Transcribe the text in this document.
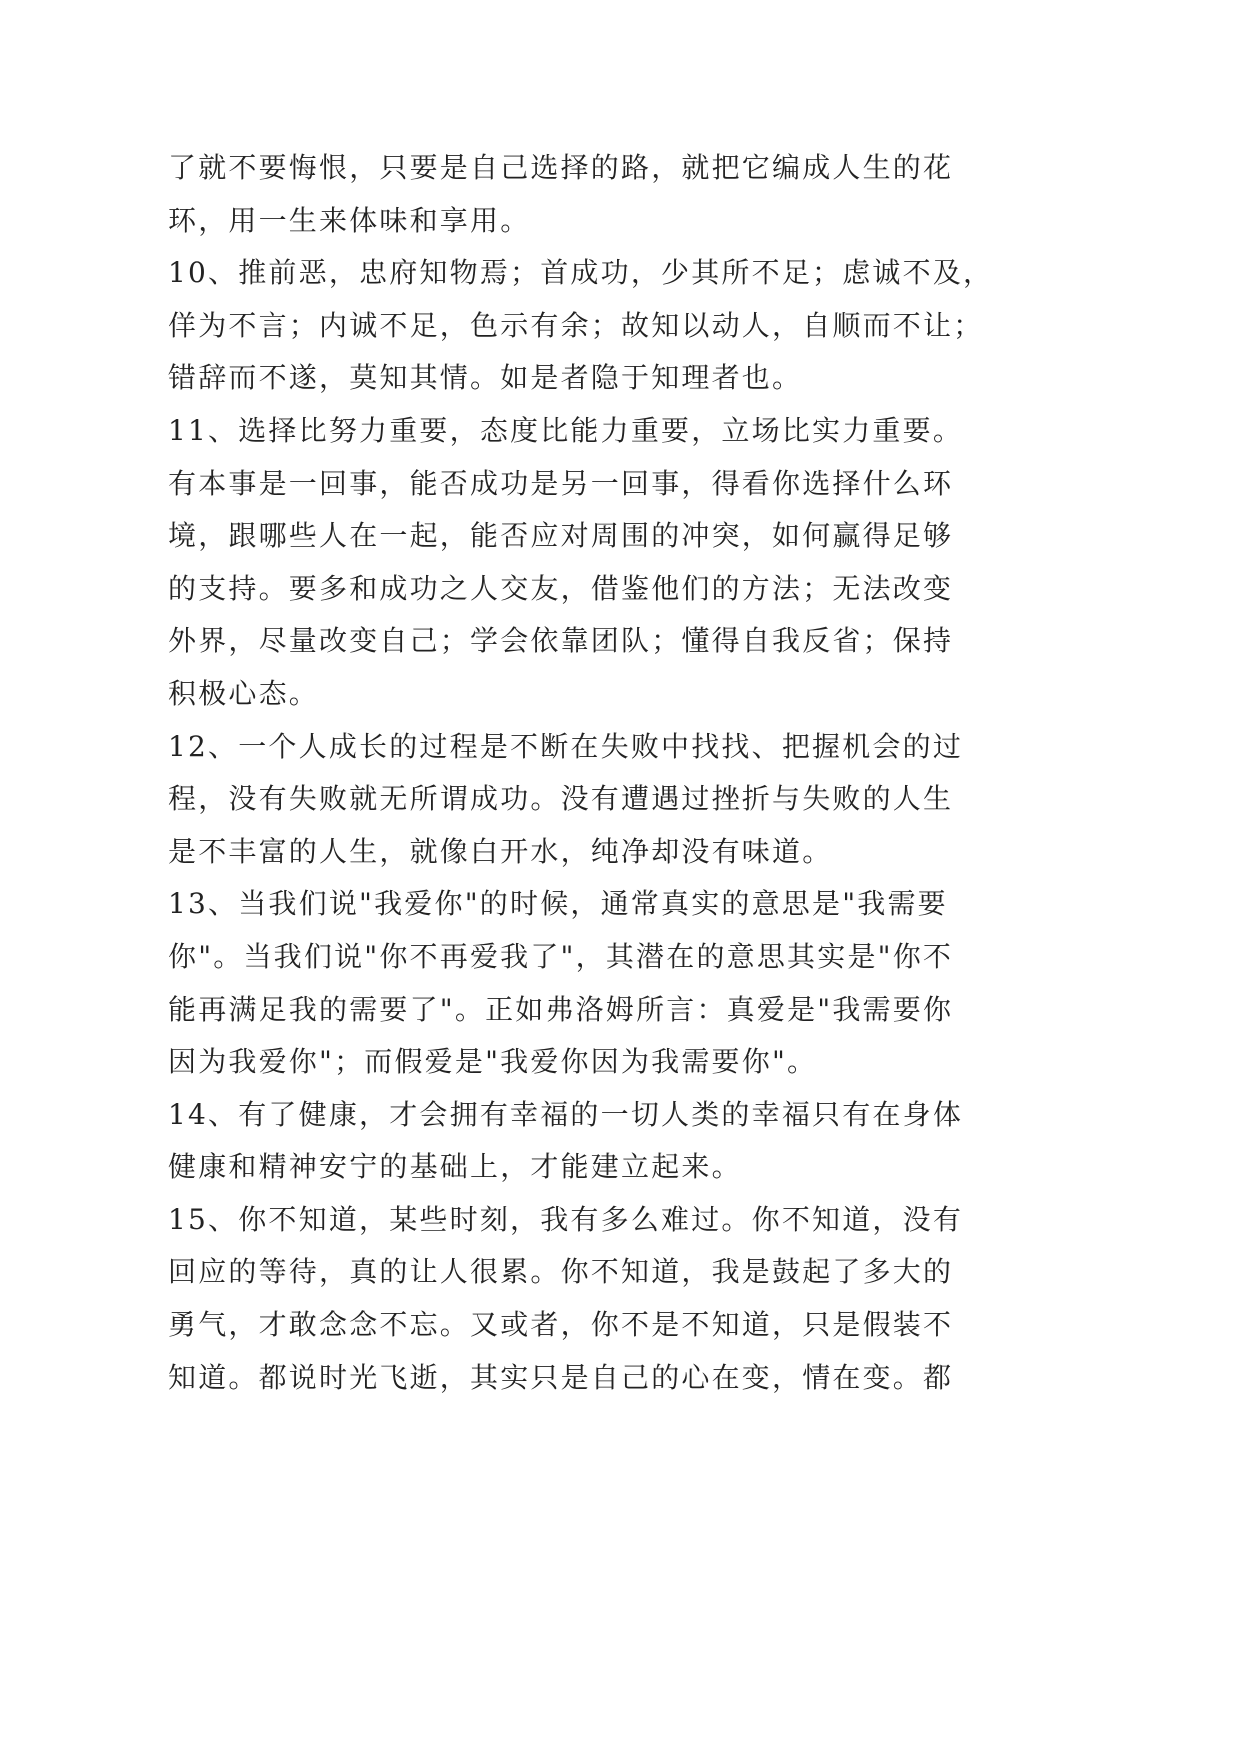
了就不要悔恨，只要是自己选择的路，就把它编成人生的花
环，用一生来体味和享用。
10、推前恶，忠府知物焉；首成功，少其所不足；虑诚不及，
佯为不言；内诚不足，色示有余；故知以动人，自顺而不让；
错辞而不遂，莫知其情。如是者隐于知理者也。
11、选择比努力重要，态度比能力重要，立场比实力重要。
有本事是一回事，能否成功是另一回事，得看你选择什么环
境，跟哪些人在一起，能否应对周围的冲突，如何赢得足够
的支持。要多和成功之人交友，借鉴他们的方法；无法改变
外界，尽量改变自己；学会依靠团队；懂得自我反省；保持
积极心态。
12、一个人成长的过程是不断在失败中找找、把握机会的过
程，没有失败就无所谓成功。没有遭遇过挫折与失败的人生
是不丰富的人生，就像白开水，纯净却没有味道。
13、当我们说"我爱你"的时候，通常真实的意思是"我需要
你"。当我们说"你不再爱我了"，其潜在的意思其实是"你不
能再满足我的需要了"。正如弗洛姆所言：真爱是"我需要你
因为我爱你"；而假爱是"我爱你因为我需要你"。
14、有了健康，才会拥有幸福的一切人类的幸福只有在身体
健康和精神安宁的基础上，才能建立起来。
15、你不知道，某些时刻，我有多么难过。你不知道，没有
回应的等待，真的让人很累。你不知道，我是鼓起了多大的
勇气，才敢念念不忘。又或者，你不是不知道，只是假装不
知道。都说时光飞逝，其实只是自己的心在变，情在变。都
